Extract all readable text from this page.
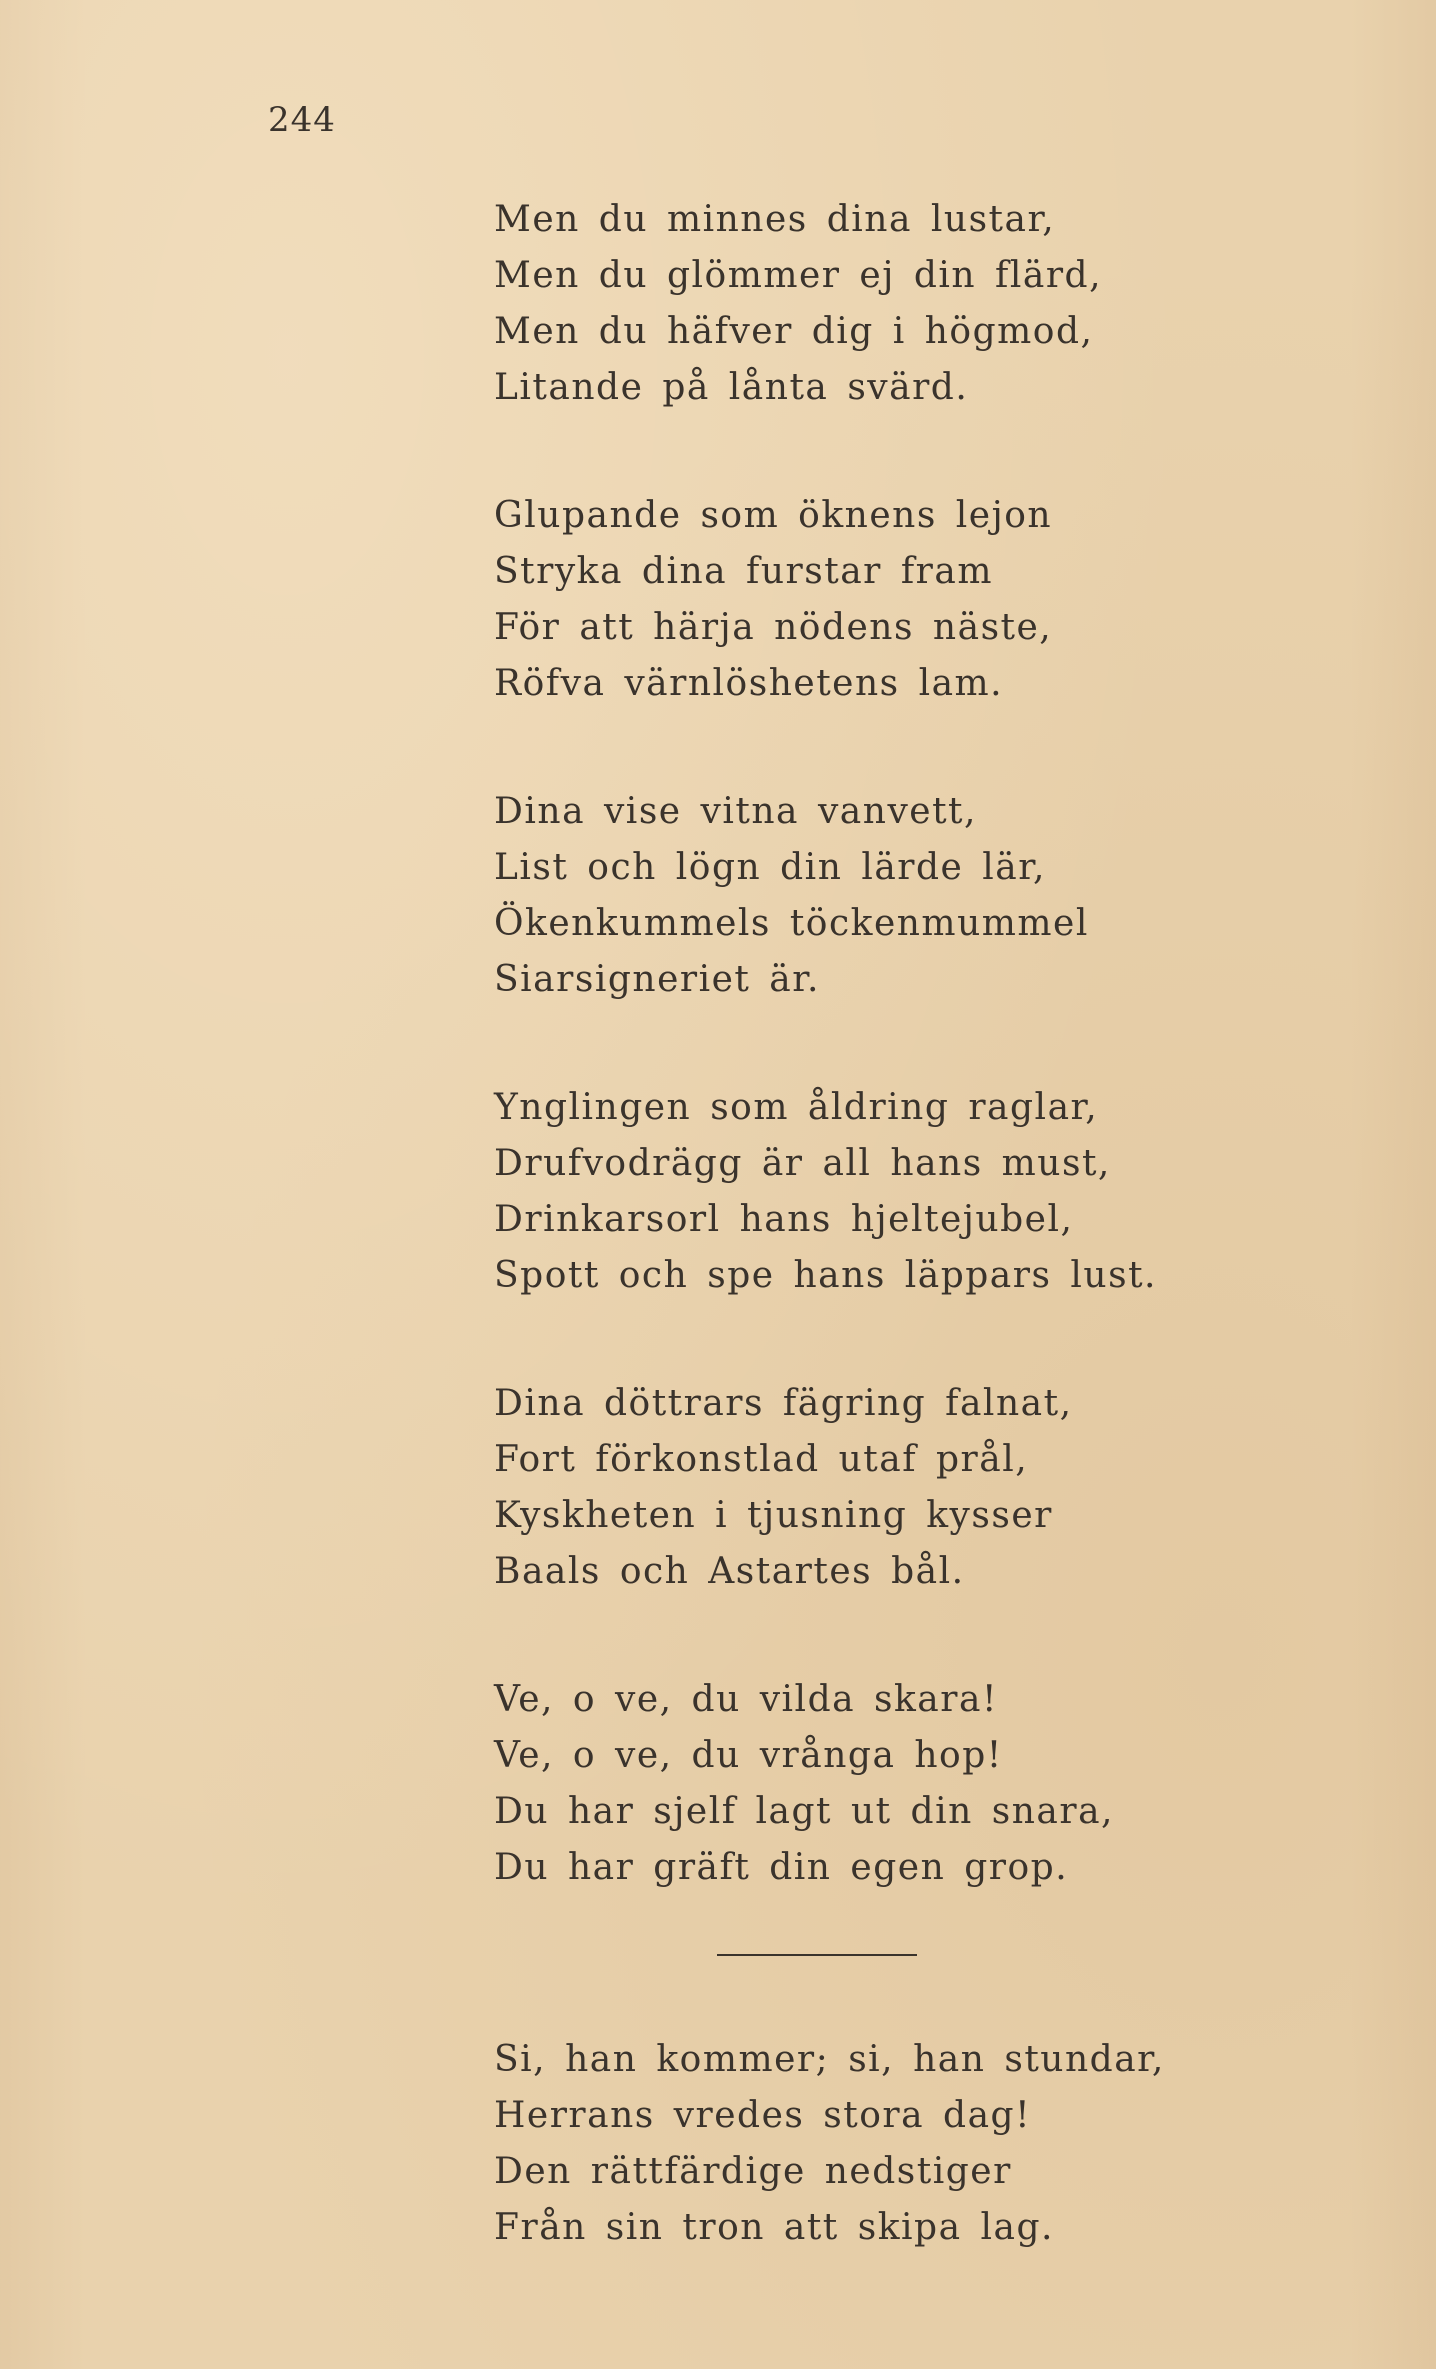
244
Men du minnes dina lustar,
Men du glömmer ej din flärd,
Men du häfver dig i högmod,
Litande på lånta svärd.
Glupande som öknens lejon
Stryka dina furstar fram
För att härja nödens näste,
Röfva värnlöshetens lam.
Dina vise vitna vanvett,
List och lögn din lärde lär,
Ökenkummels töckenmummel
Siarsigneriet är.
Ynglingen som åldring raglar,
Drufvodrägg är all hans must,
Drinkarsorl hans hjeltejubel,
Spott och spe hans läppars lust.
Dina döttrars fägring falnat,
Fort förkonstlad utaf prål,
Kyskheten i tjusning kysser
Baals och Astartes bål.
Ve, o ve, du vilda skara!
Ve, o ve, du vrånga hop!
Du har sjelf lagt ut din snara,
Du har gräft din egen grop.
Si, han kommer; si, han stundar,
Herrans vredes stora dag!
Den rättfärdige nedstiger
Från sin tron att skipa lag.
